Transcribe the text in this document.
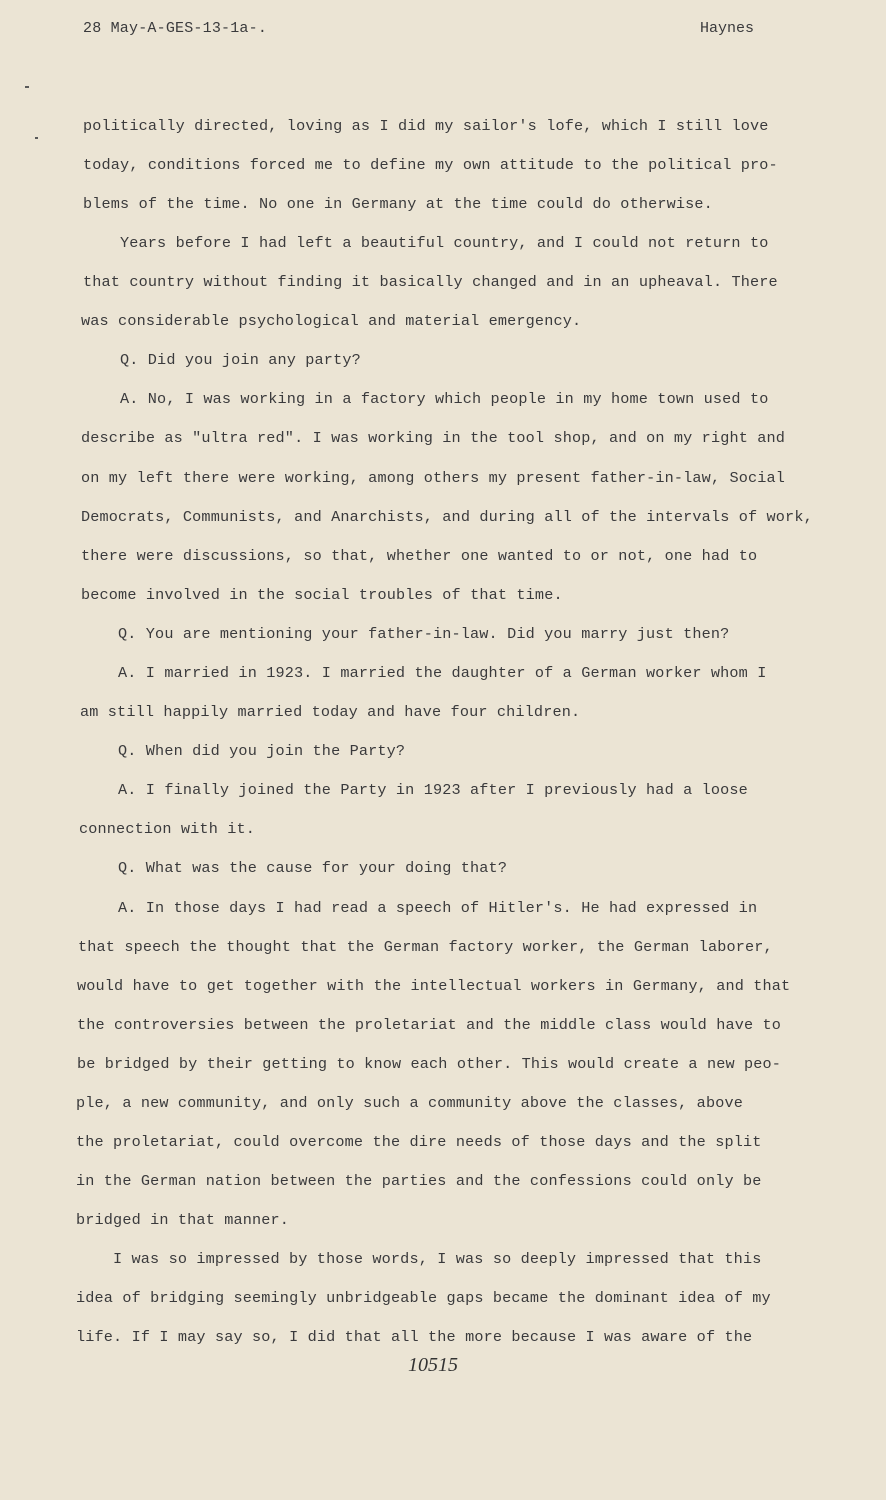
28 May-A-GES-13-1a-.	Haynes
politically directed, loving as I did my sailor's lofe, which I still love
today, conditions forced me to define my own attitude to the political pro-
blems of the time. No one in Germany at the time could do otherwise.
Years before I had left a beautiful country, and I could not return to
that country without finding it basically changed and in an upheaval. There
was considerable psychological and material emergency.
Q. Did you join any party?
A. No, I was working in a factory which people in my home town used to
describe as "ultra red". I was working in the tool shop, and on my right and
on my left there were working, among others my present father-in-law, Social
Democrats, Communists, and Anarchists, and during all of the intervals of work,
there were discussions, so that, whether one wanted to or not, one had to
become involved in the social troubles of that time.
Q. You are mentioning your father-in-law. Did you marry just then?
A. I married in 1923. I married the daughter of a German worker whom I
am still happily married today and have four children.
Q. When did you join the Party?
A. I finally joined the Party in 1923 after I previously had a loose
connection with it.
Q. What was the cause for your doing that?
A. In those days I had read a speech of Hitler's. He had expressed in
that speech the thought that the German factory worker, the German laborer,
would have to get together with the intellectual workers in Germany, and that
the controversies between the proletariat and the middle class would have to
be bridged by their getting to know each other. This would create a new peo-
ple, a new community, and only such a community above the classes, above
the proletariat, could overcome the dire needs of those days and the split
in the German nation between the parties and the confessions could only be
bridged in that manner.
I was so impressed by those words, I was so deeply impressed that this
idea of bridging seemingly unbridgeable gaps became the dominant idea of my
life. If I may say so, I did that all the more because I was aware of the
10515
